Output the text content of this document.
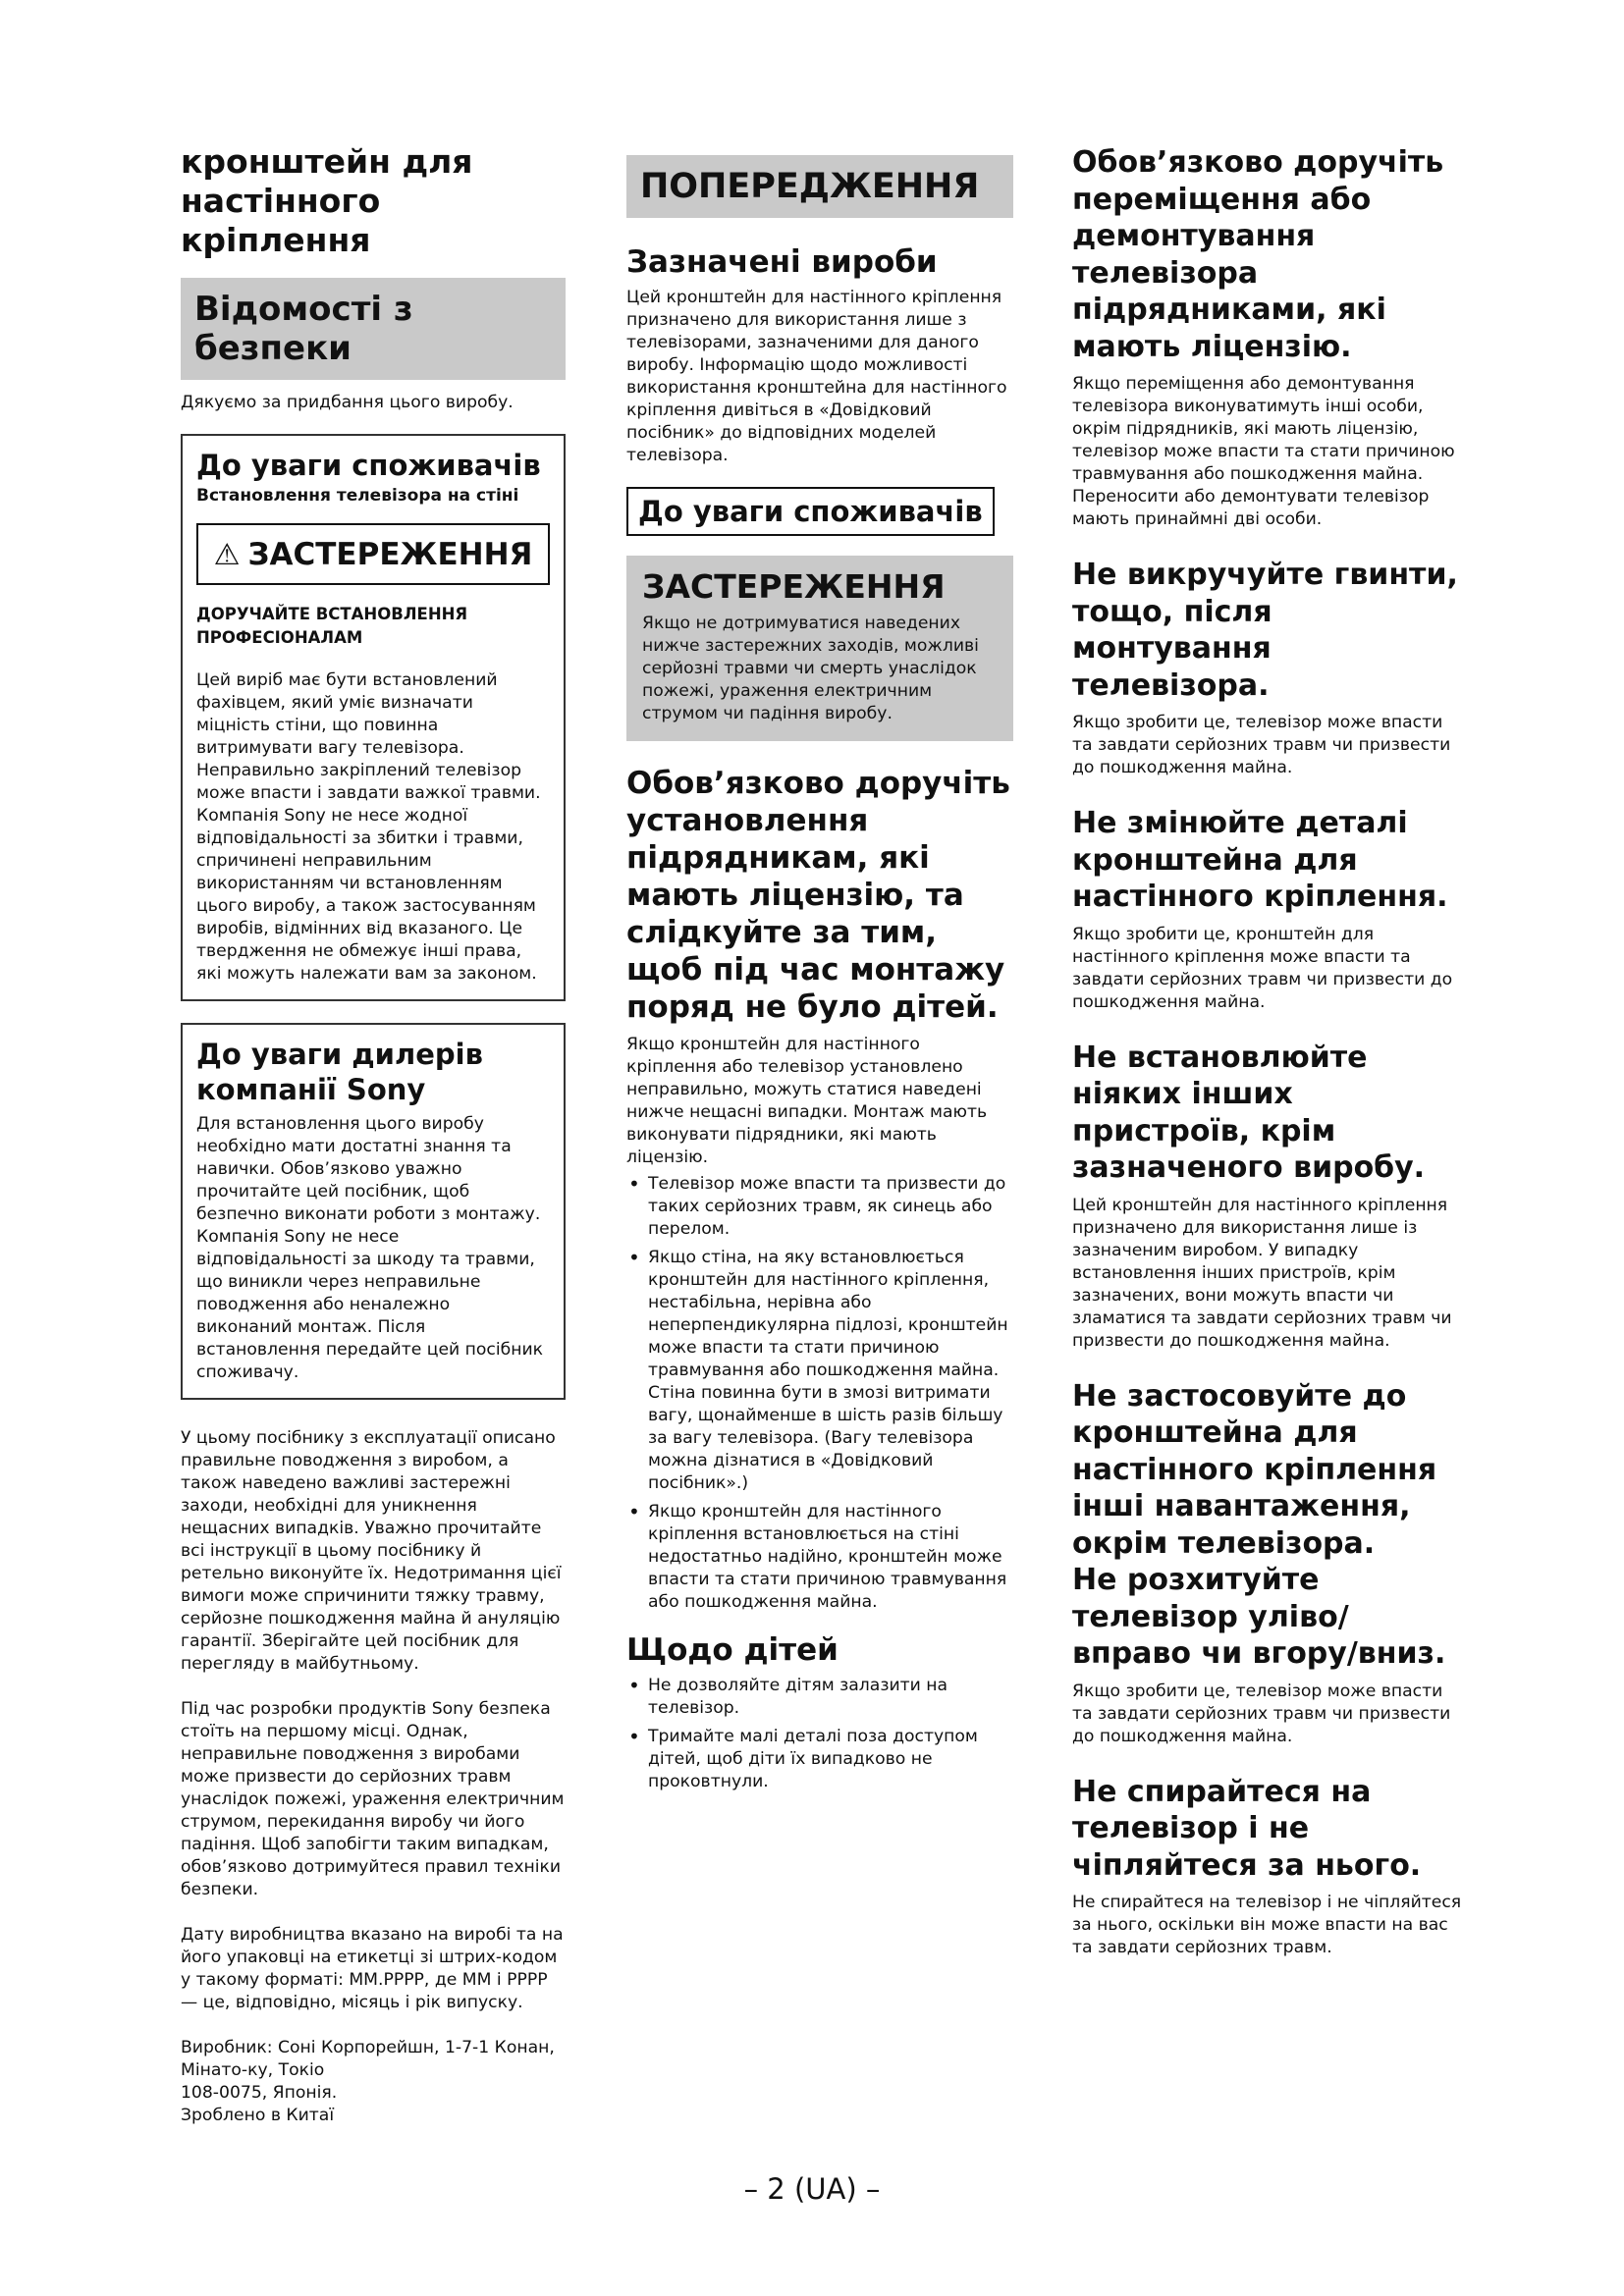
кронштейн для настінного кріплення
Відомості з безпеки

Дякуємо за придбання цього виробу.

До уваги споживачів
Встановлення телевізора на стіні
⚠ ЗАСТЕРЕЖЕННЯ
ДОРУЧАЙТЕ ВСТАНОВЛЕННЯ ПРОФЕСІОНАЛАМ

Цей виріб має бути встановлений фахівцем, який уміє визначати міцність стіни, що повинна витримувати вагу телевізора. Неправильно закріплений телевізор може впасти і завдати важкої травми. Компанія Sony не несе жодної відповідальності за збитки і травми, спричинені неправильним використанням чи встановленням цього виробу, а також застосуванням виробів, відмінних від вказаного. Це твердження не обмежує інші права, які можуть належати вам за законом.

До уваги дилерів компанії Sony

Для встановлення цього виробу необхідно мати достатні знання та навички. Обов’язково уважно прочитайте цей посібник, щоб безпечно виконати роботи з монтажу. Компанія Sony не несе відповідальності за шкоду та травми, що виникли через неправильне поводження або неналежно виконаний монтаж. Після встановлення передайте цей посібник споживачу.

У цьому посібнику з експлуатації описано правильне поводження з виробом, а також наведено важливі застережні заходи, необхідні для уникнення нещасних випадків. Уважно прочитайте всі інструкції в цьому посібнику й ретельно виконуйте їх. Недотримання цієї вимоги може спричинити тяжку травму, серйозне пошкодження майна й ануляцію гарантії. Зберігайте цей посібник для перегляду в майбутньому.

Під час розробки продуктів Sony безпека стоїть на першому місці. Однак, неправильне поводження з виробами може призвести до серйозних травм унаслідок пожежі, ураження електричним струмом, перекидання виробу чи його падіння. Щоб запобігти таким випадкам, обов’язково дотримуйтеся правил техніки безпеки.

Дату виробництва вказано на виробі та на його упаковці на етикетці зі штрих-кодом у такому форматі: ММ.РРРР, де ММ і РРРР — це, відповідно, місяць і рік випуску.

Виробник: Соні Корпорейшн, 1-7-1 Конан,
Мінато-ку, Токіо
108-0075, Японія.
Зроблено в Китаї
ПОПЕРЕДЖЕННЯ
Зазначені вироби

Цей кронштейн для настінного кріплення призначено для використання лише з телевізорами, зазначеними для даного виробу. Інформацію щодо можливості використання кронштейна для настінного кріплення дивіться в «Довідковий посібник» до відповідних моделей телевізора.

До уваги споживачів
ЗАСТЕРЕЖЕННЯ

Якщо не дотримуватися наведених нижче застережних заходів, можливі серйозні травми чи смерть унаслідок пожежі, ураження електричним струмом чи падіння виробу.

Обов’язково доручіть установлення підрядникам, які мають ліцензію, та слідкуйте за тим, щоб під час монтажу поряд не було дітей.

Якщо кронштейн для настінного кріплення або телевізор установлено неправильно, можуть статися наведені нижче нещасні випадки. Монтаж мають виконувати підрядники, які мають ліцензію.

• Телевізор може впасти та призвести до таких серйозних травм, як синець або перелом.
• Якщо стіна, на яку встановлюється кронштейн для настінного кріплення, нестабільна, нерівна або неперпендикулярна підлозі, кронштейн може впасти та стати причиною травмування або пошкодження майна. Стіна повинна бути в змозі витримати вагу, щонайменше в шість разів більшу за вагу телевізора. (Вагу телевізора можна дізнатися в «Довідковий посібник».)
• Якщо кронштейн для настінного кріплення встановлюється на стіні недостатньо надійно, кронштейн може впасти та стати причиною травмування або пошкодження майна.
Щодо дітей
• Не дозволяйте дітям залазити на телевізор.
• Тримайте малі деталі поза доступом дітей, щоб діти їх випадково не проковтнули.
Обов’язково доручіть переміщення або демонтування телевізора підрядниками, які мають ліцензію.

Якщо переміщення або демонтування телевізора виконуватимуть інші особи, окрім підрядників, які мають ліцензію, телевізор може впасти та стати причиною травмування або пошкодження майна. Переносити або демонтувати телевізор мають принаймні дві особи.

Не викручуйте гвинти, тощо, після монтування телевізора.

Якщо зробити це, телевізор може впасти та завдати серйозних травм чи призвести до пошкодження майна.

Не змінюйте деталі кронштейна для настінного кріплення.

Якщо зробити це, кронштейн для настінного кріплення може впасти та завдати серйозних травм чи призвести до пошкодження майна.

Не встановлюйте ніяких інших пристроїв, крім зазначеного виробу.

Цей кронштейн для настінного кріплення призначено для використання лише із зазначеним виробом. У випадку встановлення інших пристроїв, крім зазначених, вони можуть впасти чи зламатися та завдати серйозних травм чи призвести до пошкодження майна.

Не застосовуйте до кронштейна для настінного кріплення інші навантаження, окрім телевізора.
Не розхитуйте телевізор уліво/вправо чи вгору/вниз.

Якщо зробити це, телевізор може впасти та завдати серйозних травм чи призвести до пошкодження майна.

Не спирайтеся на телевізор і не чіпляйтеся за нього.

Не спирайтеся на телевізор і не чіпляйтеся за нього, оскільки він може впасти на вас та завдати серйозних травм.

– 2 (UA) –
